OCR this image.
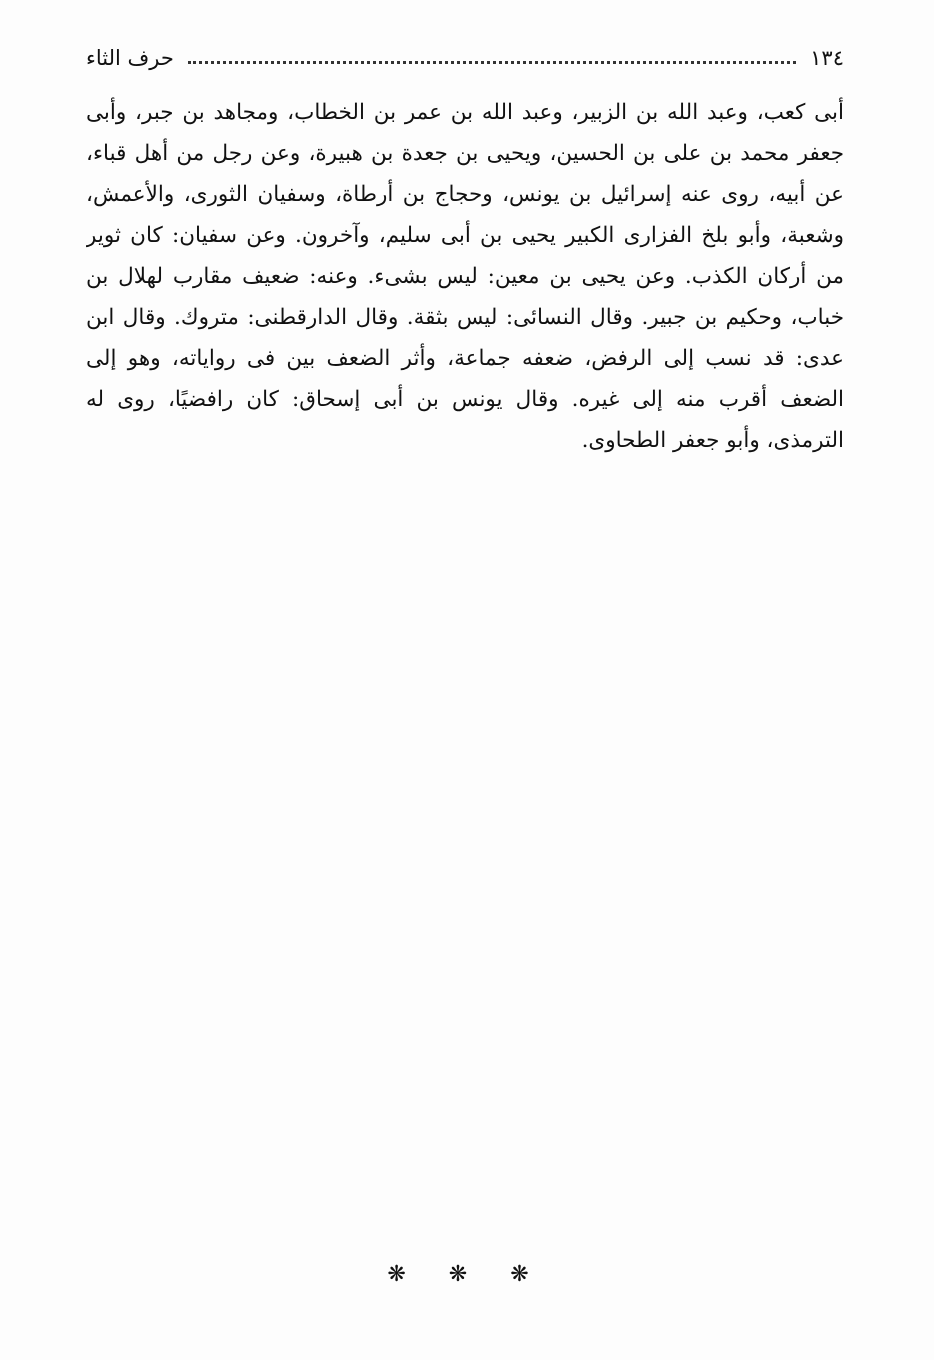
١٣٤
حرف الثاء

أبى كعب، وعبد الله بن الزبير، وعبد الله بن عمر بن الخطاب، ومجاهد بن جبر، وأبى
جعفر محمد بن على بن الحسين، ويحيى بن جعدة بن هبيرة، وعن رجل من أهل قباء،
عن أبيه، روى عنه إسرائيل بن يونس، وحجاج بن أرطاة، وسفيان الثورى، والأعمش،
وشعبة، وأبو بلخ الفزارى الكبير يحيى بن أبى سليم، وآخرون. وعن سفيان: كان ثوير
من أركان الكذب. وعن يحيى بن معين: ليس بشىء. وعنه: ضعيف مقارب لهلال بن
خباب، وحكيم بن جبير. وقال النسائى: ليس بثقة. وقال الدارقطنى: متروك. وقال ابن
عدى: قد نسب إلى الرفض، ضعفه جماعة، وأثر الضعف بين فى رواياته، وهو إلى
الضعف أقرب منه إلى غيره. وقال يونس بن أبى إسحاق: كان رافضيًا، روى له
الترمذى، وأبو جعفر الطحاوى.

❋ ❋ ❋
